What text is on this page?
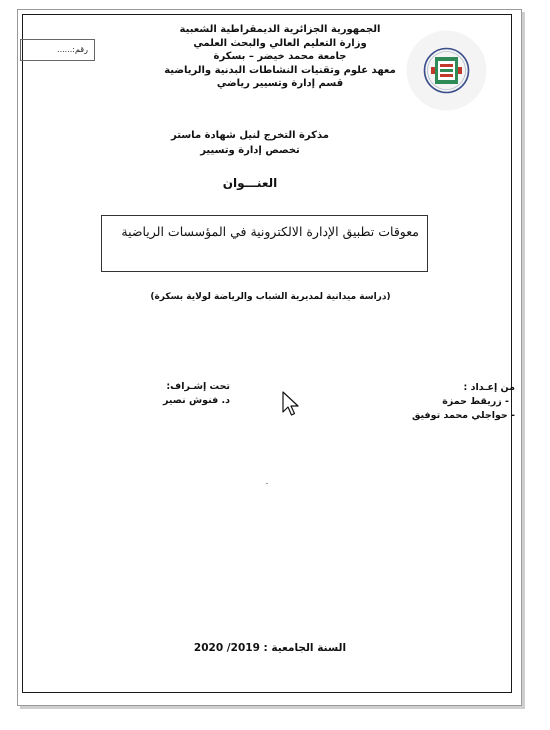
رقم:......
الجمهورية الجزائرية الديمقراطية الشعبية
وزارة التعليم العالي والبحث العلمي
جامعة محمد خيضر – بسكرة
معهد علوم وتقنيات النشاطات البدنية والرياضية
قسم إدارة وتسيير رياضي
مذكرة التخرج لنيل شهادة ماستر
تخصص إدارة وتسيير
العنـــوان
معوقات تطبيق الإدارة الالكترونية في المؤسسات الرياضية
(دراسة ميدانية لمديرية الشباب والرياضة لولاية بسكرة)
من إعـداد :
- زريقط حمزة
- حواجلي محمد توفيق
تحت إشـراف:
د. فنوش نصير
السنة الجامعية : 2019/ 2020
